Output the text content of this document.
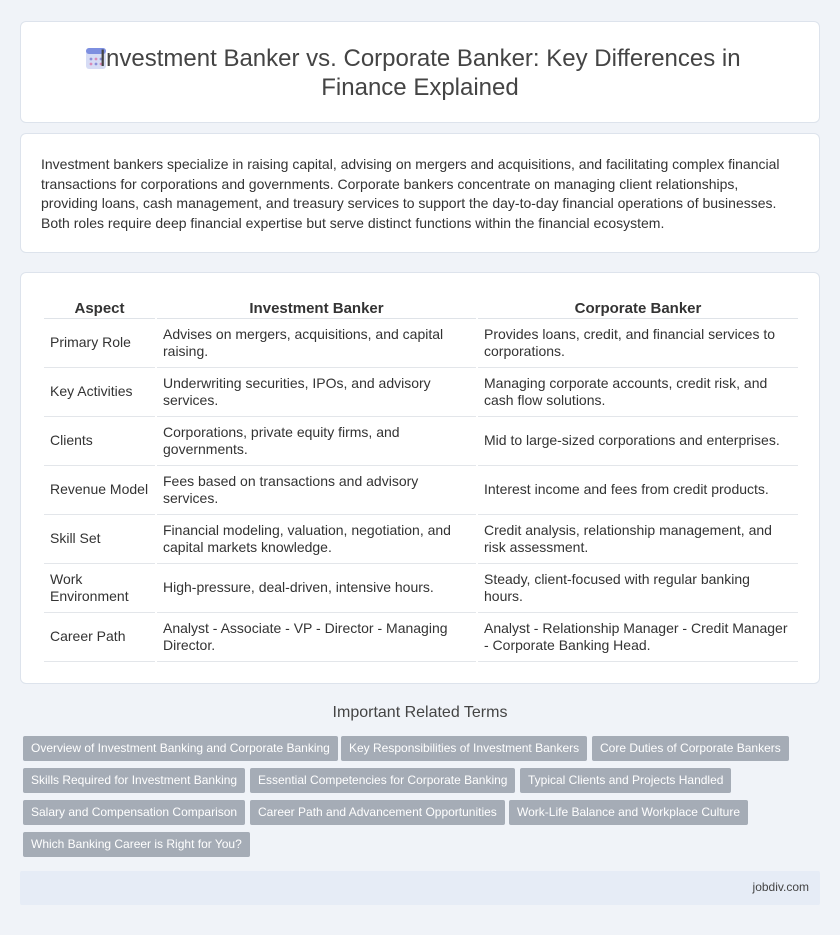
Investment Banker vs. Corporate Banker: Key Differences in Finance Explained

Investment bankers specialize in raising capital, advising on mergers and acquisitions, and facilitating complex financial transactions for corporations and governments. Corporate bankers concentrate on managing client relationships, providing loans, cash management, and treasury services to support the day-to-day financial operations of businesses. Both roles require deep financial expertise but serve distinct functions within the financial ecosystem.

Aspect	Investment Banker	Corporate Banker
Primary Role	Advises on mergers, acquisitions, and capital raising.	Provides loans, credit, and financial services to corporations.
Key Activities	Underwriting securities, IPOs, and advisory services.	Managing corporate accounts, credit risk, and cash flow solutions.
Clients	Corporations, private equity firms, and governments.	Mid to large-sized corporations and enterprises.
Revenue Model	Fees based on transactions and advisory services.	Interest income and fees from credit products.
Skill Set	Financial modeling, valuation, negotiation, and capital markets knowledge.	Credit analysis, relationship management, and risk assessment.
Work Environment	High-pressure, deal-driven, intensive hours.	Steady, client-focused with regular banking hours.
Career Path	Analyst - Associate - VP - Director - Managing Director.	Analyst - Relationship Manager - Credit Manager - Corporate Banking Head.
Important Related Terms
Overview of Investment Banking and Corporate Banking	Key Responsibilities of Investment Bankers	Core Duties of Corporate Bankers
Skills Required for Investment Banking	Essential Competencies for Corporate Banking	Typical Clients and Projects Handled
Salary and Compensation Comparison	Career Path and Advancement Opportunities	Work-Life Balance and Workplace Culture
Which Banking Career is Right for You?
jobdiv.com
